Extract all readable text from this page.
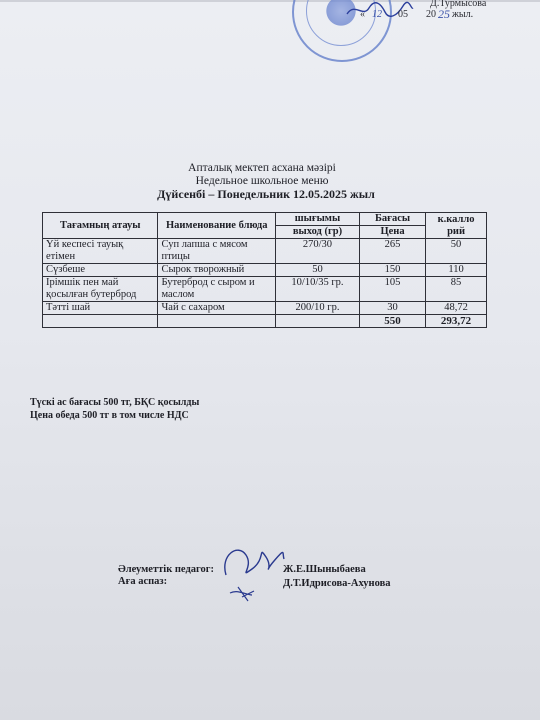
Д.Турмысова
« 12 05 20 25 жыл.
Апталық мектеп асхана мәзірі
Недельное школьное меню
Дүйсенбі – Понедельник 12.05.2025 жыл
Тағамның атауы	Наименование блюда	шығымы	Бағасы	к.калло рий
		выход (гр)	Цена	
Үй кеспесі тауық етімен	Суп лапша с мясом птицы	270/30	265	50
Сүзбеше	Сырок творожный	50	150	110
Ірімшік пен май қосылған бутерброд	Бутерброд с сыром и маслом	10/10/35 гр.	105	85
Тәтті шай	Чай с сахаром	200/10 гр.	30	48,72
			550	293,72
Түскі ас бағасы 500 тг, БҚС қосылды
Цена обеда 500 тг в том числе НДС
Әлеуметтік педагог:
Аға аспаз:
Ж.Е.Шыныбаева
Д.Т.Идрисова-Ахунова
